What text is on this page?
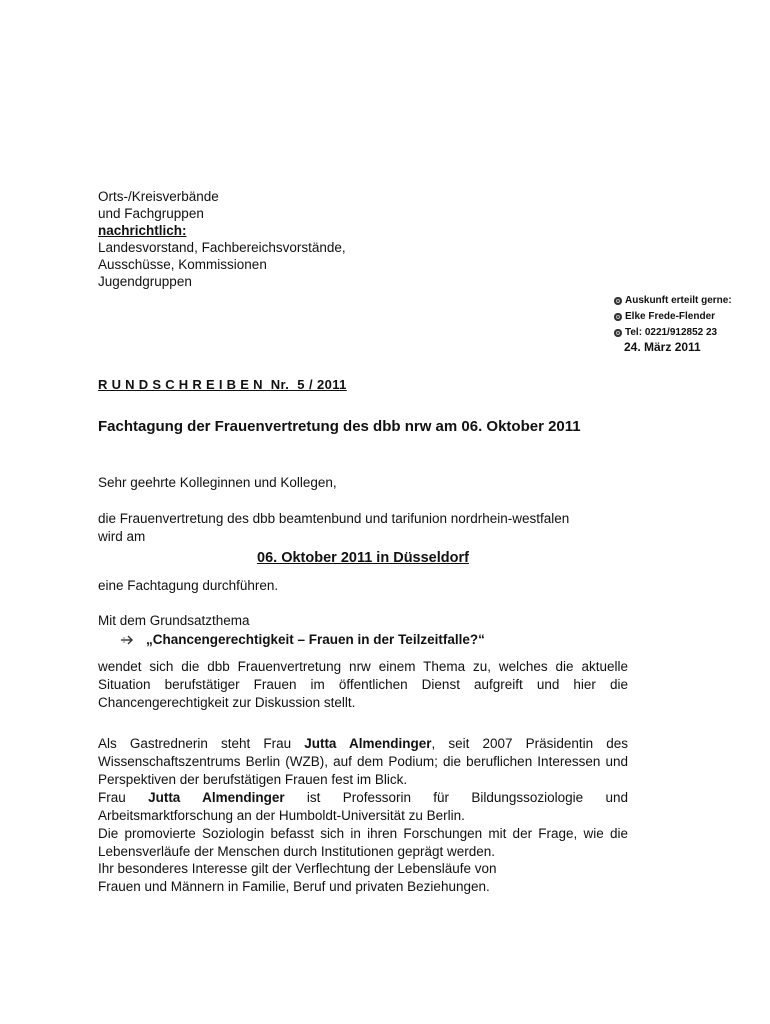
Orts-/Kreisverbände
und Fachgruppen
nachrichtlich:
Landesvorstand, Fachbereichsvorstände,
Ausschüsse, Kommissionen
Jugendgruppen
Auskunft erteilt gerne:
Elke Frede-Flender
Tel: 0221/912852 23
24. März 2011
RUNDSCHREIBEN Nr.  5 / 2011
Fachtagung der Frauenvertretung des dbb nrw am 06. Oktober 2011
Sehr geehrte Kolleginnen und Kollegen,
die Frauenvertretung des dbb beamtenbund und tarifunion nordrhein-westfalen
wird am
06. Oktober 2011 in Düsseldorf
eine Fachtagung durchführen.
Mit dem Grundsatzthema
„Chancengerechtigkeit – Frauen in der Teilzeitfalle?“
wendet sich die dbb Frauenvertretung nrw einem Thema zu, welches die aktuelle Situation berufstätiger Frauen im öffentlichen Dienst aufgreift und hier die Chancengerechtigkeit zur Diskussion stellt.
Als Gastrednerin steht Frau Jutta Almendinger, seit 2007 Präsidentin des Wissenschaftszentrums Berlin (WZB), auf dem Podium; die beruflichen Interessen und Perspektiven der berufstätigen Frauen fest im Blick.
Frau Jutta Almendinger ist Professorin für Bildungssoziologie und Arbeitsmarktforschung an der Humboldt-Universität zu Berlin.
Die promovierte Soziologin befasst sich in ihren Forschungen mit der Frage, wie die Lebensverläufe der Menschen durch Institutionen geprägt werden.
Ihr besonderes Interesse gilt der Verflechtung der Lebensläufe von
Frauen und Männern in Familie, Beruf und privaten Beziehungen.
